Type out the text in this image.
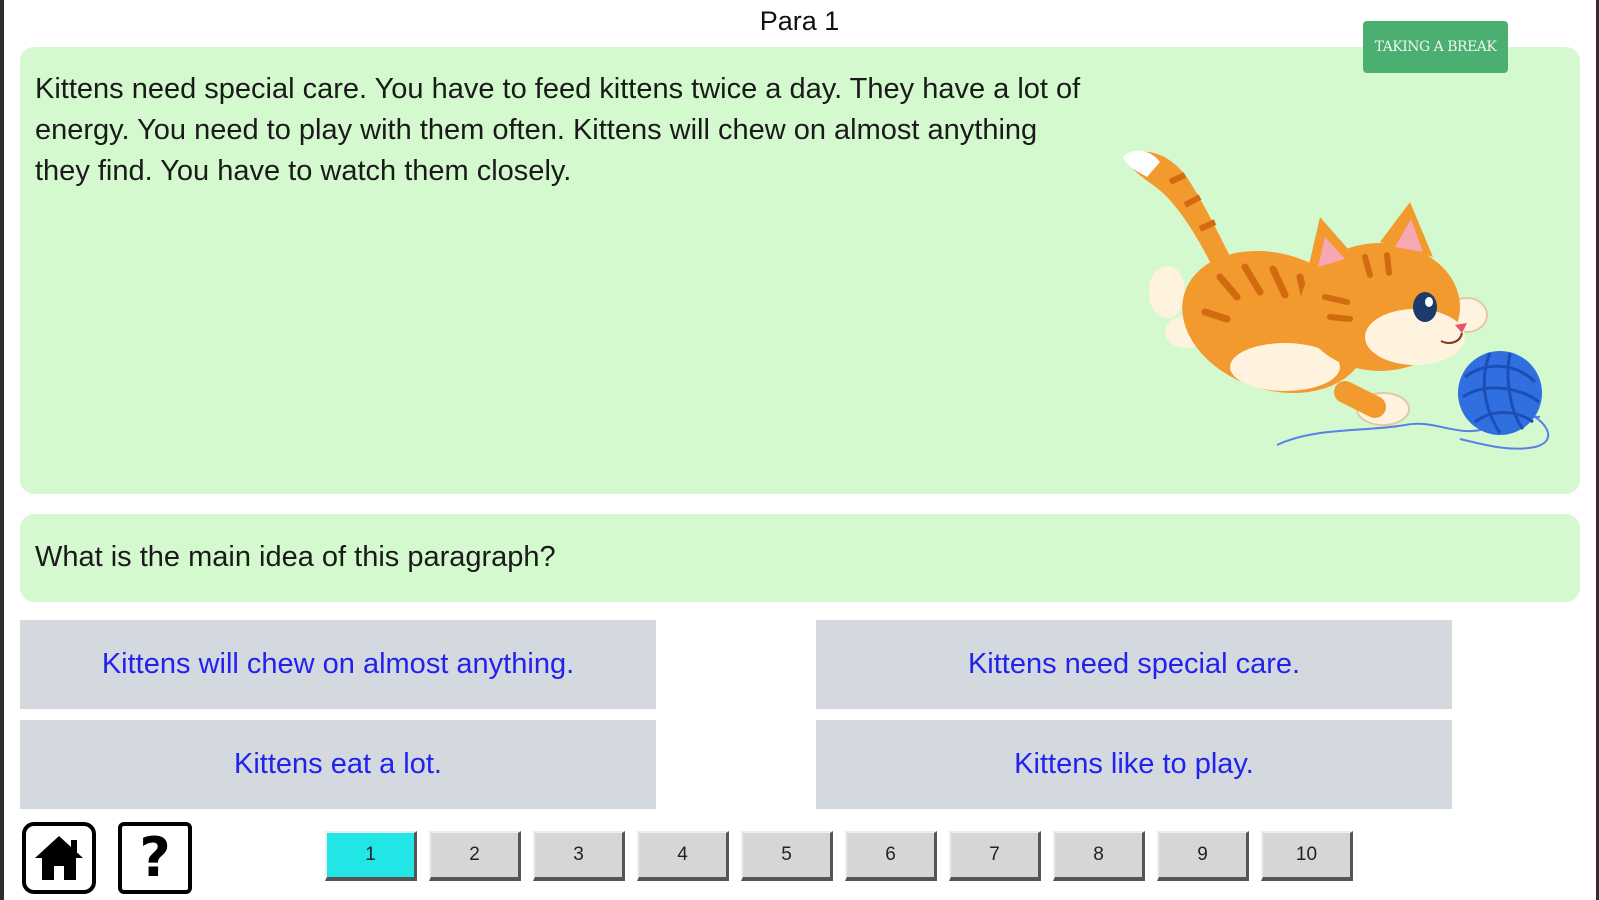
Para 1
TAKING A BREAK
Kittens need special care. You have to feed kittens twice a day. They have a lot of energy. You need to play with them often. Kittens will chew on almost anything they find. You have to watch them closely.
What is the main idea of this paragraph?
Kittens will chew on almost anything.	Kittens need special care.
Kittens eat a lot.	Kittens like to play.
?	1	2	3	4	5	6	7	8	9	10
